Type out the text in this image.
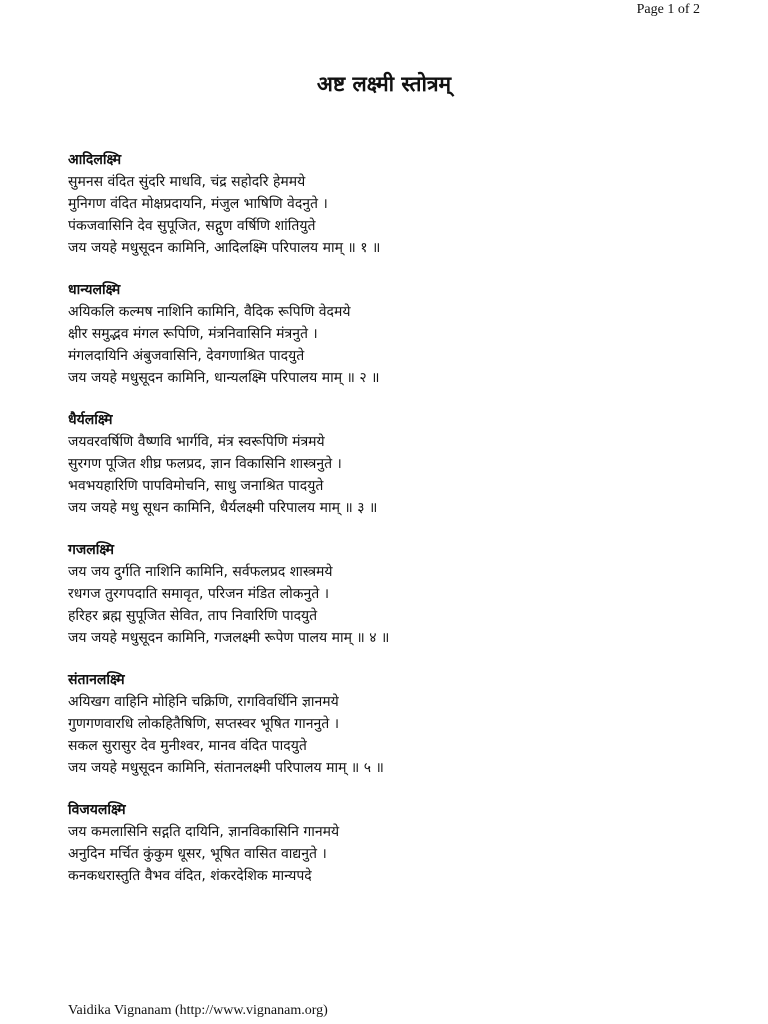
Page 1 of 2
अष्ट लक्ष्मी स्तोत्रम्
आदिलक्ष्मि
सुमनस वंदित सुंदरि माधवि, चंद्र सहोदरि हेममये
मुनिगण वंदित मोक्षप्रदायनि, मंजुल भाषिणि वेदनुते ।
पंकजवासिनि देव सुपूजित, सद्गुण वर्षिणि शांतियुते
जय जयहे मधुसूदन कामिनि, आदिलक्ष्मि परिपालय माम् ॥ १ ॥
धान्यलक्ष्मि
अयिकलि कल्मष नाशिनि कामिनि, वैदिक रूपिणि वेदमये
क्षीर समुद्भव मंगल रूपिणि, मंत्रनिवासिनि मंत्रनुते ।
मंगलदायिनि अंबुजवासिनि, देवगणाश्रित पादयुते
जय जयहे मधुसूदन कामिनि, धान्यलक्ष्मि परिपालय माम् ॥ २ ॥
धैर्यलक्ष्मि
जयवरवर्षिणि वैष्णवि भार्गवि, मंत्र स्वरूपिणि मंत्रमये
सुरगण पूजित शीघ्र फलप्रद, ज्ञान विकासिनि शास्त्रनुते ।
भवभयहारिणि पापविमोचनि, साधु जनाश्रित पादयुते
जय जयहे मधु सूधन कामिनि, धैर्यलक्ष्मी परिपालय माम् ॥ ३ ॥
गजलक्ष्मि
जय जय दुर्गति नाशिनि कामिनि, सर्वफलप्रद शास्त्रमये
रधगज तुरगपदाति समावृत, परिजन मंडित लोकनुते ।
हरिहर ब्रह्म सुपूजित सेवित, ताप निवारिणि पादयुते
जय जयहे मधुसूदन कामिनि, गजलक्ष्मी रूपेण पालय माम् ॥ ४ ॥
संतानलक्ष्मि
अयिखग वाहिनि मोहिनि चक्रिणि, रागविवर्धिनि ज्ञानमये
गुणगणवारधि लोकहितैषिणि, सप्तस्वर भूषित गाननुते ।
सकल सुरासुर देव मुनीश्वर, मानव वंदित पादयुते
जय जयहे मधुसूदन कामिनि, संतानलक्ष्मी परिपालय माम् ॥ ५ ॥
विजयलक्ष्मि
जय कमलासिनि सद्गति दायिनि, ज्ञानविकासिनि गानमये
अनुदिन मर्चित कुंकुम धूसर, भूषित वासित वाद्यनुते ।
कनकधरास्तुति वैभव वंदित, शंकरदेशिक मान्यपदे
Vaidika Vignanam (http://www.vignanam.org)
